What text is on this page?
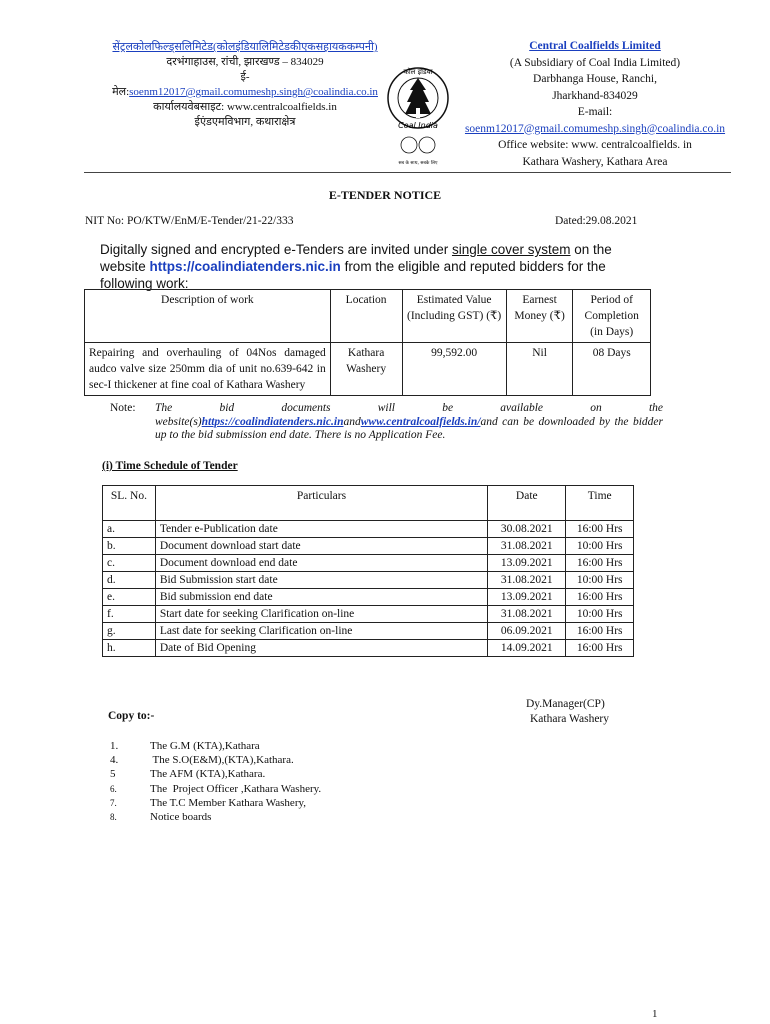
सेंट्रलकोलफिल्ड्सलिमिटेड(कोलइंडियालिमिटेडकीएकसहायककम्पनी)
दरभंगाहाउस, रांची, झारखण्ड – 834029
ई-
मेल:soenm12017@gmail.comumeshp.singh@coalindia.co.in
कार्यालयवेबसाइट: www.centralcoalfields.in
ईएंडएमविभाग, कथाराक्षेत्र
कोल इंडिया
Coal India
सब के साथ, सबके लिए
Central Coalfields Limited
(A Subsidiary of Coal India Limited)
Darbhanga House, Ranchi,
Jharkhand-834029
E-mail:
soenm12017@gmail.comumeshp.singh@coalindia.co.in
Office website: www. centralcoalfields. in
Kathara Washery, Kathara Area
E-TENDER NOTICE
NIT No: PO/KTW/EnM/E-Tender/21-22/333	Dated:29.08.2021
Digitally signed and encrypted e-Tenders are invited under single cover system on the website https://coalindiatenders.nic.in from the eligible and reputed bidders for the following work:
Description of work	Location	Estimated Value (Including GST) (₹)	Earnest Money (₹)	Period of Completion (in Days)
Repairing and overhauling of 04Nos damaged audco valve size 250mm dia of unit no.639-642 in sec-I thickener at fine coal of Kathara Washery	Kathara Washery	99,592.00	Nil	08 Days
Note: The bid documents will be available on the website(s)https://coalindiatenders.nic.inandwww.centralcoalfields.in/and can be downloaded by the bidder up to the bid submission end date. There is no Application Fee.
(i) Time Schedule of Tender
SL. No.	Particulars	Date	Time
a.	Tender e-Publication date	30.08.2021	16:00 Hrs
b.	Document download start date	31.08.2021	10:00 Hrs
c.	Document download end date	13.09.2021	16:00 Hrs
d.	Bid Submission start date	31.08.2021	10:00 Hrs
e.	Bid submission end date	13.09.2021	16:00 Hrs
f.	Start date for seeking Clarification on-line	31.08.2021	10:00 Hrs
g.	Last date for seeking Clarification on-line	06.09.2021	16:00 Hrs
h.	Date of Bid Opening	14.09.2021	16:00 Hrs
Dy.Manager(CP)
Kathara Washery
Copy to:-
1.	The G.M (KTA),Kathara
4.	The S.O(E&M),(KTA),Kathara.
5	The AFM (KTA),Kathara.
6.	The  Project Officer ,Kathara Washery.
7.	The T.C Member Kathara Washery,
8.	Notice boards
1
